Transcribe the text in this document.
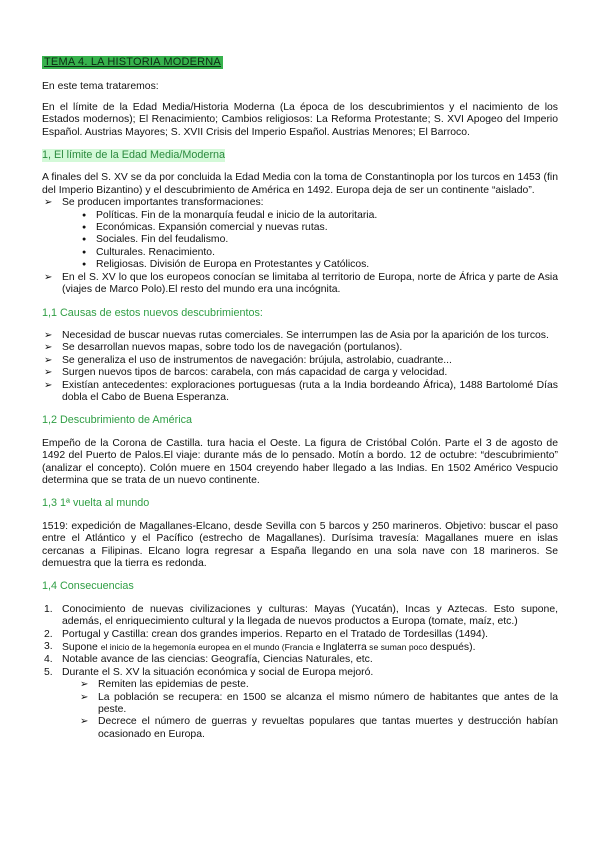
TEMA 4. LA HISTORIA MODERNA

En este tema trataremos:

En el límite de la Edad Media/Historia Moderna (La época de los descubrimientos y el nacimiento de los Estados modernos); El Renacimiento; Cambios religiosos: La Reforma Protestante; S. XVI Apogeo del Imperio Español. Austrias Mayores; S. XVII Crisis del Imperio Español. Austrias Menores; El Barroco.

1, El límite de la Edad Media/Moderna

A finales del S. XV se da por concluida la Edad Media con la toma de Constantinopla por los turcos en 1453 (fin del Imperio Bizantino) y el descubrimiento de América en 1492. Europa deja de ser un continente “aislado”.

➢ Se producen importantes transformaciones:
● Políticas. Fin de la monarquía feudal e inicio de la autoritaria.
● Económicas. Expansión comercial y nuevas rutas.
● Sociales. Fin del feudalismo.
● Culturales. Renacimiento.
● Religiosas. División de Europa en Protestantes y Católicos.
➢ En el S. XV lo que los europeos conocían se limitaba al territorio de Europa, norte de África y parte de Asia (viajes de Marco Polo).El resto del mundo era una incógnita.
1,1 Causas de estos nuevos descubrimientos:
➢ Necesidad de buscar nuevas rutas comerciales. Se interrumpen las de Asia por la aparición de los turcos.
➢ Se desarrollan nuevos mapas, sobre todo los de navegación (portulanos).
➢ Se generaliza el uso de instrumentos de navegación: brújula, astrolabio, cuadrante...
➢ Surgen nuevos tipos de barcos: carabela, con más capacidad de carga y velocidad.
➢ Existían antecedentes: exploraciones portuguesas (ruta a la India bordeando África), 1488 Bartolomé Días dobla el Cabo de Buena Esperanza.
1,2 Descubrimiento de América

Empeño de la Corona de Castilla. tura hacia el Oeste. La figura de Cristóbal Colón. Parte el 3 de agosto de 1492 del Puerto de Palos.El viaje: durante más de lo pensado. Motín a bordo. 12 de octubre: “descubrimiento” (analizar el concepto). Colón muere en 1504 creyendo haber llegado a las Indias. En 1502 Américo Vespucio determina que se trata de un nuevo continente.

1,3 1ª vuelta al mundo

1519: expedición de Magallanes-Elcano, desde Sevilla con 5 barcos y 250 marineros. Objetivo: buscar el paso entre el Atlántico y el Pacífico (estrecho de Magallanes). Durísima travesía: Magallanes muere en islas cercanas a Filipinas. Elcano logra regresar a España llegando en una sola nave con 18 marineros. Se demuestra que la tierra es redonda.

1,4 Consecuencias
1. Conocimiento de nuevas civilizaciones y culturas: Mayas (Yucatán), Incas y Aztecas. Esto supone, además, el enriquecimiento cultural y la llegada de nuevos productos a Europa (tomate, maíz, etc.)
2. Portugal y Castilla: crean dos grandes imperios. Reparto en el Tratado de Tordesillas (1494).
3. Supone el inicio de la hegemonía europea en el mundo (Francia e Inglaterra se suman poco después).
4. Notable avance de las ciencias: Geografía, Ciencias Naturales, etc.
5. Durante el S. XV la situación económica y social de Europa mejoró.
➢ Remiten las epidemias de peste.
➢ La población se recupera: en 1500 se alcanza el mismo número de habitantes que antes de la peste.
➢ Decrece el número de guerras y revueltas populares que tantas muertes y destrucción habían ocasionado en Europa.
